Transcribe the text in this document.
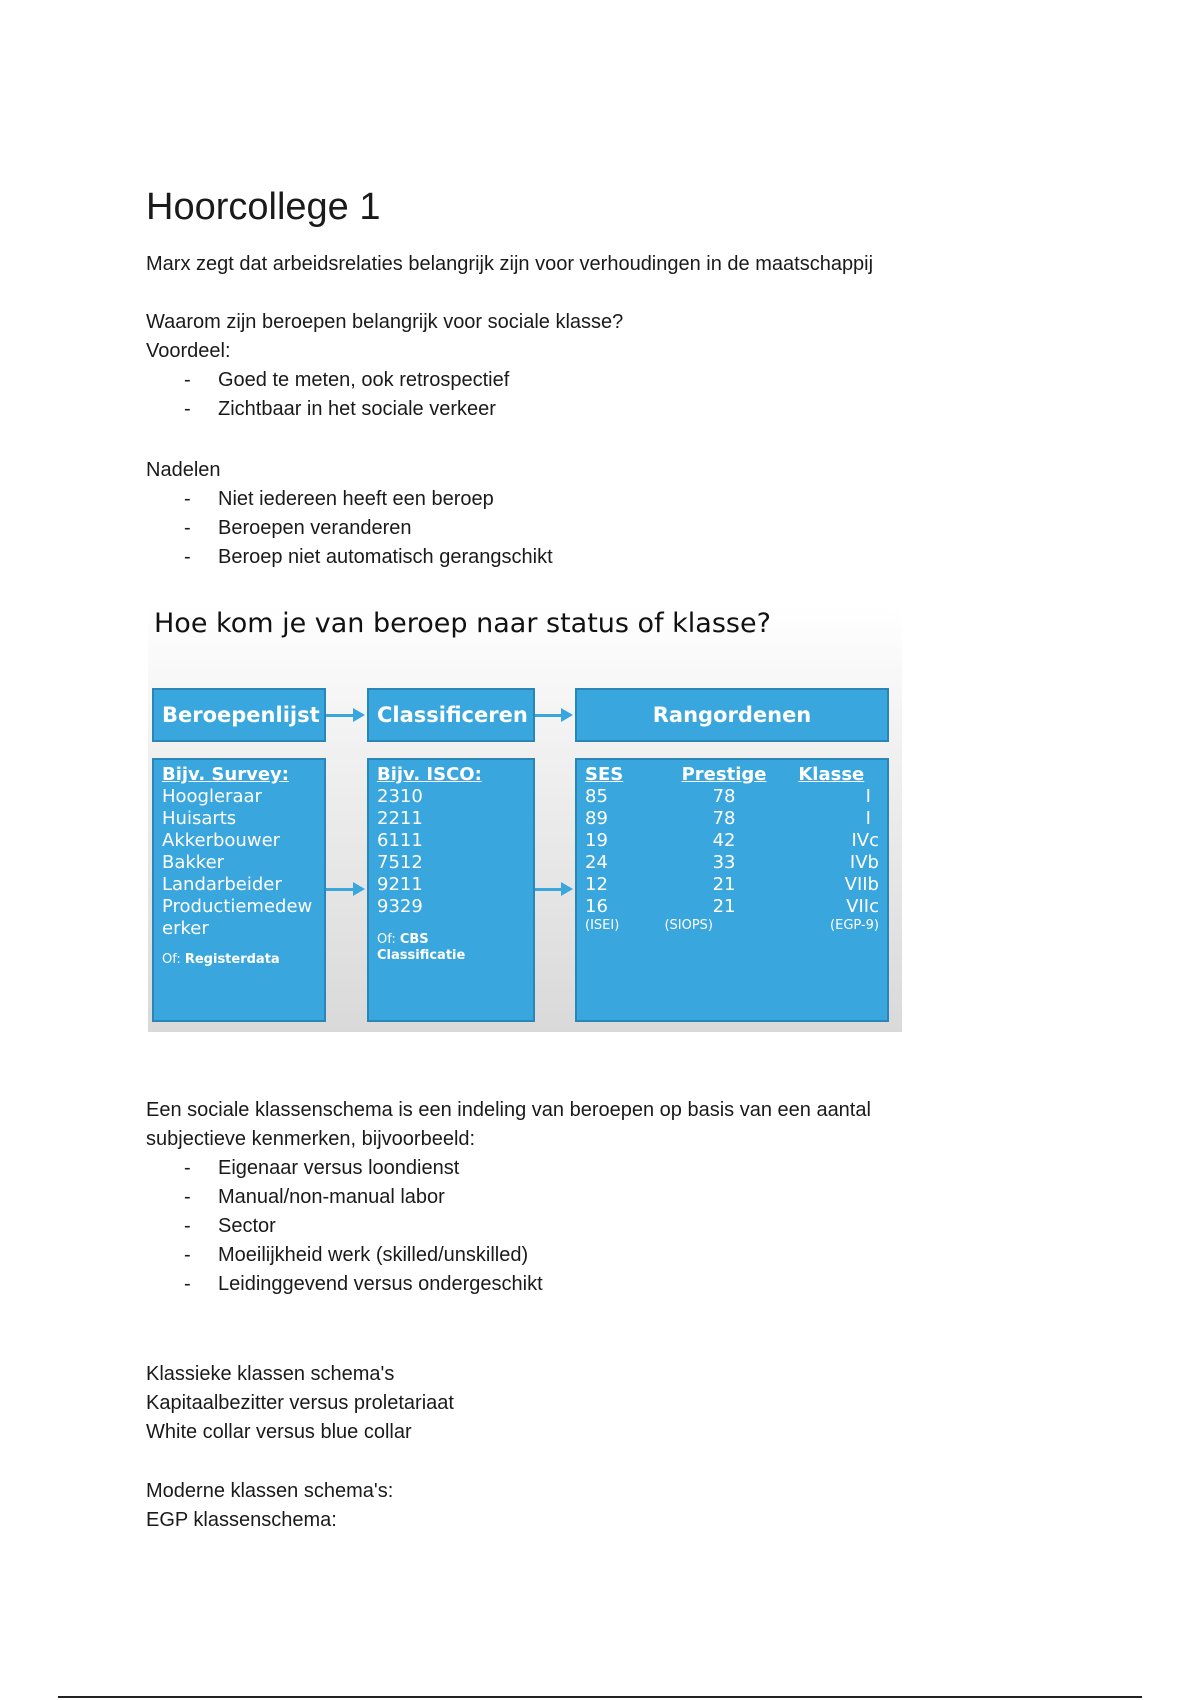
Hoorcollege 1

Marx zegt dat arbeidsrelaties belangrijk zijn voor verhoudingen in de maatschappij

Waarom zijn beroepen belangrijk voor sociale klasse?

Voordeel:

- Goed te meten, ook retrospectief
- Zichtbaar in het sociale verkeer

Nadelen

- Niet iedereen heeft een beroep
- Beroepen veranderen
- Beroep niet automatisch gerangschikt
Hoe kom je van beroep naar status of klasse?
Beroepenlijst	Classificeren	Rangordenen
Bijv. Survey:
Hoogleraar
Huisarts
Akkerbouwer
Bakker
Landarbeider
Productiemedew
erker
Of: Registerdata
Bijv. ISCO:
2310
2211
6111
7512
9211
9329
Of: CBS
Classificatie
SES
85
89
19
24
12
16
(ISEI)
Prestige
78
78
42
33
21
21
(SIOPS)
Klasse
I
I
IVc
IVb
VIIb
VIIc
(EGP-9)

Een sociale klassenschema is een indeling van beroepen op basis van een aantal

subjectieve kenmerken, bijvoorbeeld:

- Eigenaar versus loondienst
- Manual/non-manual labor
- Sector
- Moeilijkheid werk (skilled/unskilled)
- Leidinggevend versus ondergeschikt

Klassieke klassen schema's

Kapitaalbezitter versus proletariaat

White collar versus blue collar

Moderne klassen schema's:

EGP klassenschema:
